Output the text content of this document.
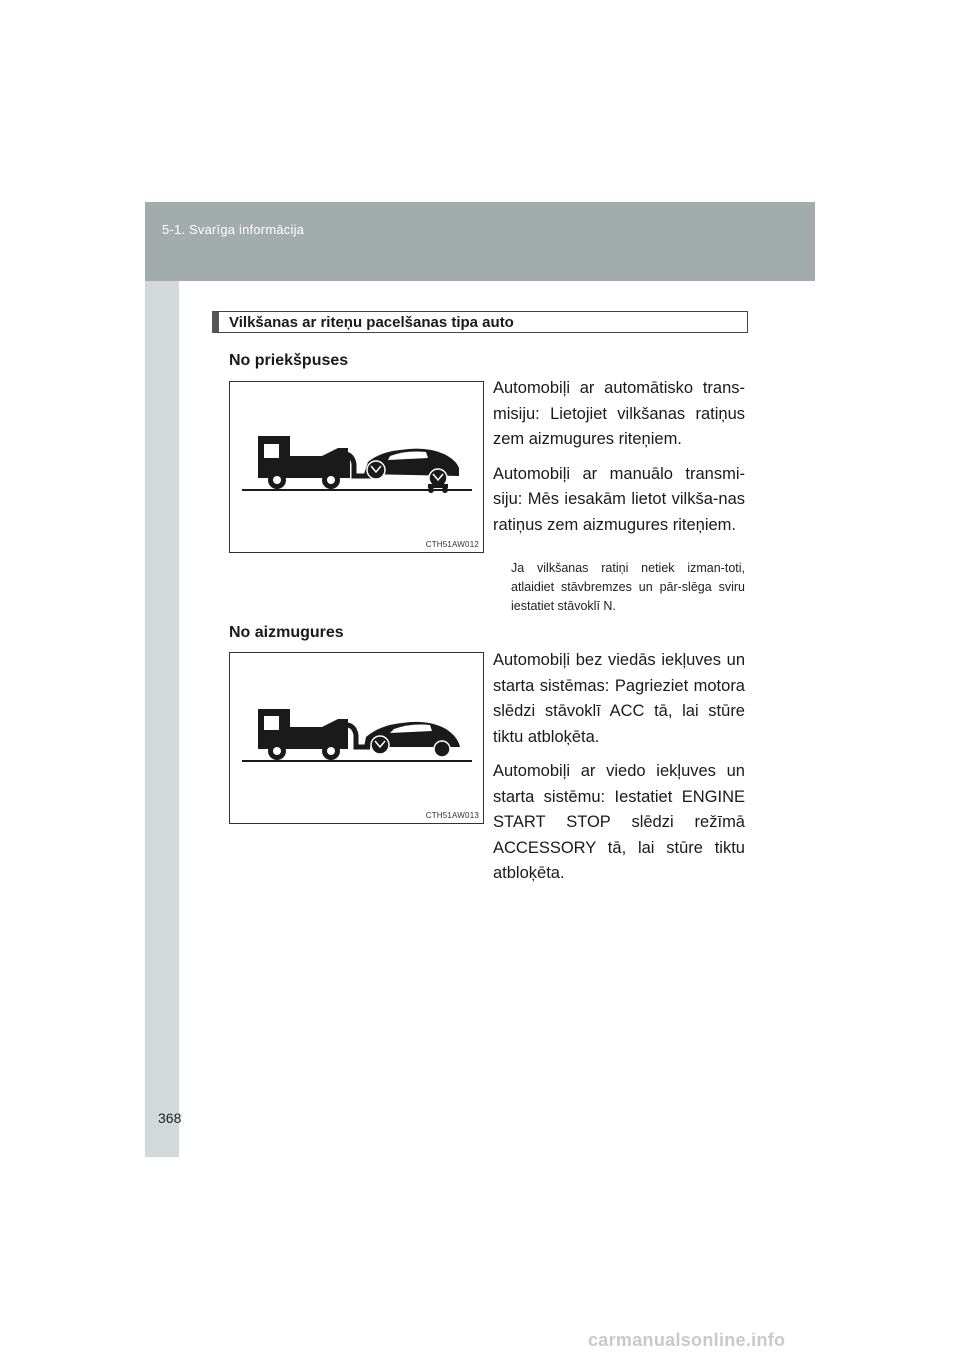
5-1. Svarīga informācija
368
Vilkšanas ar riteņu pacelšanas tipa auto
No priekšpuses
CTH51AW012

Automobiļi ar automātisko trans-misiju: Lietojiet vilkšanas ratiņus zem aizmugures riteņiem.

Automobiļi ar manuālo transmi-siju: Mēs iesakām lietot vilkša-nas ratiņus zem aizmugures riteņiem.

Ja vilkšanas ratiņi netiek izman-toti, atlaidiet stāvbremzes un pār-slēga sviru iestatiet stāvoklī N.
No aizmugures
CTH51AW013

Automobiļi bez viedās iekļuves un starta sistēmas: Pagrieziet motora slēdzi stāvoklī ACC tā, lai stūre tiktu atbloķēta.

Automobiļi ar viedo iekļuves un starta sistēmu: Iestatiet ENGINE START STOP slēdzi režīmā ACCESSORY tā, lai stūre tiktu atbloķēta.

carmanualsonline.info
